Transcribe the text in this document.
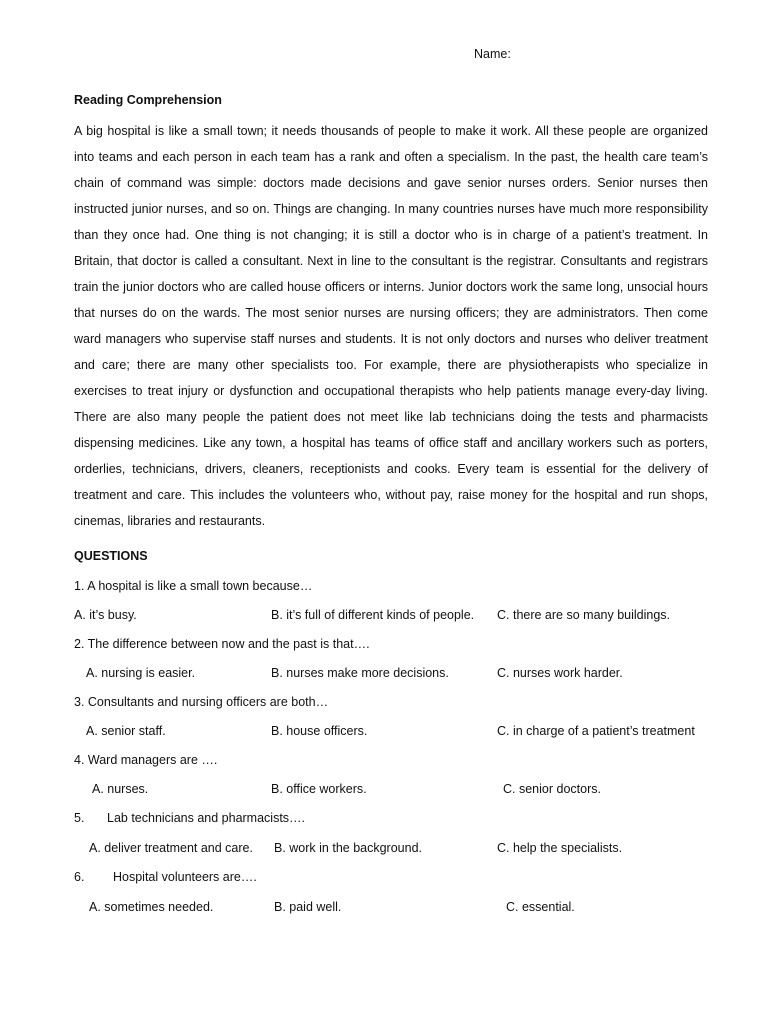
Name:
Reading Comprehension

A big hospital is like a small town; it needs thousands of people to make it work. All these people are organized into teams and each person in each team has a rank and often a specialism. In the past, the health care team’s chain of command was simple: doctors made decisions and gave senior nurses orders. Senior nurses then instructed junior nurses, and so on. Things are changing. In many countries nurses have much more responsibility than they once had. One thing is not changing; it is still a doctor who is in charge of a patient’s treatment. In Britain, that doctor is called a consultant. Next in line to the consultant is the registrar. Consultants and registrars train the junior doctors who are called house officers or interns. Junior doctors work the same long, unsocial hours that nurses do on the wards. The most senior nurses are nursing officers; they are administrators. Then come ward managers who supervise staff nurses and students. It is not only doctors and nurses who deliver treatment and care; there are many other specialists too. For example, there are physiotherapists who specialize in exercises to treat injury or dysfunction and occupational therapists who help patients manage every-day living. There are also many people the patient does not meet like lab technicians doing the tests and pharmacists dispensing medicines. Like any town, a hospital has teams of office staff and ancillary workers such as porters, orderlies, technicians, drivers, cleaners, receptionists and cooks. Every team is essential for the delivery of treatment and care. This includes the volunteers who, without pay, raise money for the hospital and run shops, cinemas, libraries and restaurants.

QUESTIONS
1. A hospital is like a small town because…
A. it’s busy.	B. it’s full of different kinds of people. C. there are so many buildings.
2. The difference between now and the past is that….
A. nursing is easier.	B. nurses make more decisions.	C. nurses work harder.
3. Consultants and nursing officers are both…
A. senior staff.	B. house officers.	C. in charge of a patient’s treatment
4. Ward managers are ….
A. nurses.	B. office workers.	C. senior doctors.
5. Lab technicians and pharmacists….
A. deliver treatment and care. B. work in the background.	C. help the specialists.
6. Hospital volunteers are….
A. sometimes needed.	B. paid well.	C. essential.
